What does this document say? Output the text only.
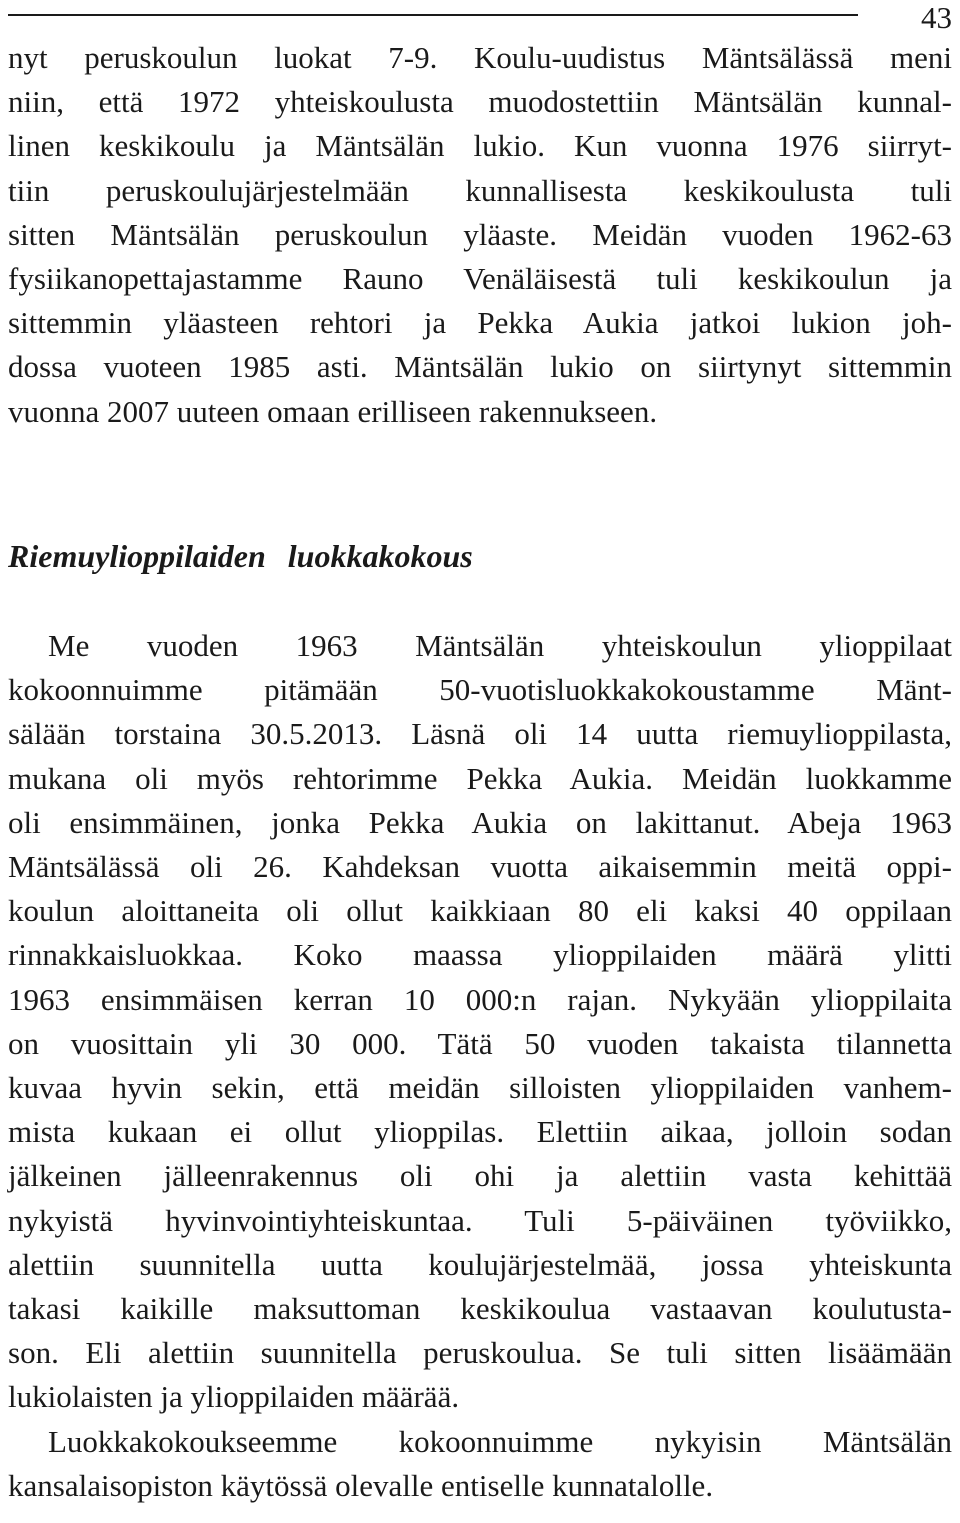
43
nyt peruskoulun luokat 7-9. Koulu-uudistus Mäntsälässä meni
niin, että 1972 yhteiskoulusta muodostettiin Mäntsälän kunnal-
linen keskikoulu ja Mäntsälän lukio. Kun vuonna 1976 siirryt-
tiin peruskoulujärjestelmään kunnallisesta keskikoulusta tuli
sitten Mäntsälän peruskoulun yläaste. Meidän vuoden 1962-63
fysiikanopettajastamme Rauno Venäläisestä tuli keskikoulun ja
sittemmin yläasteen rehtori ja Pekka Aukia jatkoi lukion joh-
dossa vuoteen 1985 asti. Mäntsälän lukio on siirtynyt sittemmin
vuonna 2007 uuteen omaan erilliseen rakennukseen.
Riemuylioppilaiden luokkakokous
Me vuoden 1963 Mäntsälän yhteiskoulun ylioppilaat
kokoonnuimme pitämään 50-vuotisluokkakokoustamme Mänt-
sälään torstaina 30.5.2013. Läsnä oli 14 uutta riemuylioppilasta,
mukana oli myös rehtorimme Pekka Aukia. Meidän luokkamme
oli ensimmäinen, jonka Pekka Aukia on lakittanut. Abeja 1963
Mäntsälässä oli 26. Kahdeksan vuotta aikaisemmin meitä oppi-
koulun aloittaneita oli ollut kaikkiaan 80 eli kaksi 40 oppilaan
rinnakkaisluokkaa. Koko maassa ylioppilaiden määrä ylitti
1963 ensimmäisen kerran 10 000:n rajan. Nykyään ylioppilaita
on vuosittain yli 30 000. Tätä 50 vuoden takaista tilannetta
kuvaa hyvin sekin, että meidän silloisten ylioppilaiden vanhem-
mista kukaan ei ollut ylioppilas. Elettiin aikaa, jolloin sodan
jälkeinen jälleenrakennus oli ohi ja alettiin vasta kehittää
nykyistä hyvinvointiyhteiskuntaa. Tuli 5-päiväinen työviikko,
alettiin suunnitella uutta koulujärjestelmää, jossa yhteiskunta
takasi kaikille maksuttoman keskikoulua vastaavan koulutusta-
son. Eli alettiin suunnitella peruskoulua. Se tuli sitten lisäämään
lukiolaisten ja ylioppilaiden määrää.
Luokkakokoukseemme kokoonnuimme nykyisin Mäntsälän
kansalaisopiston käytössä olevalle entiselle kunnatalolle.
